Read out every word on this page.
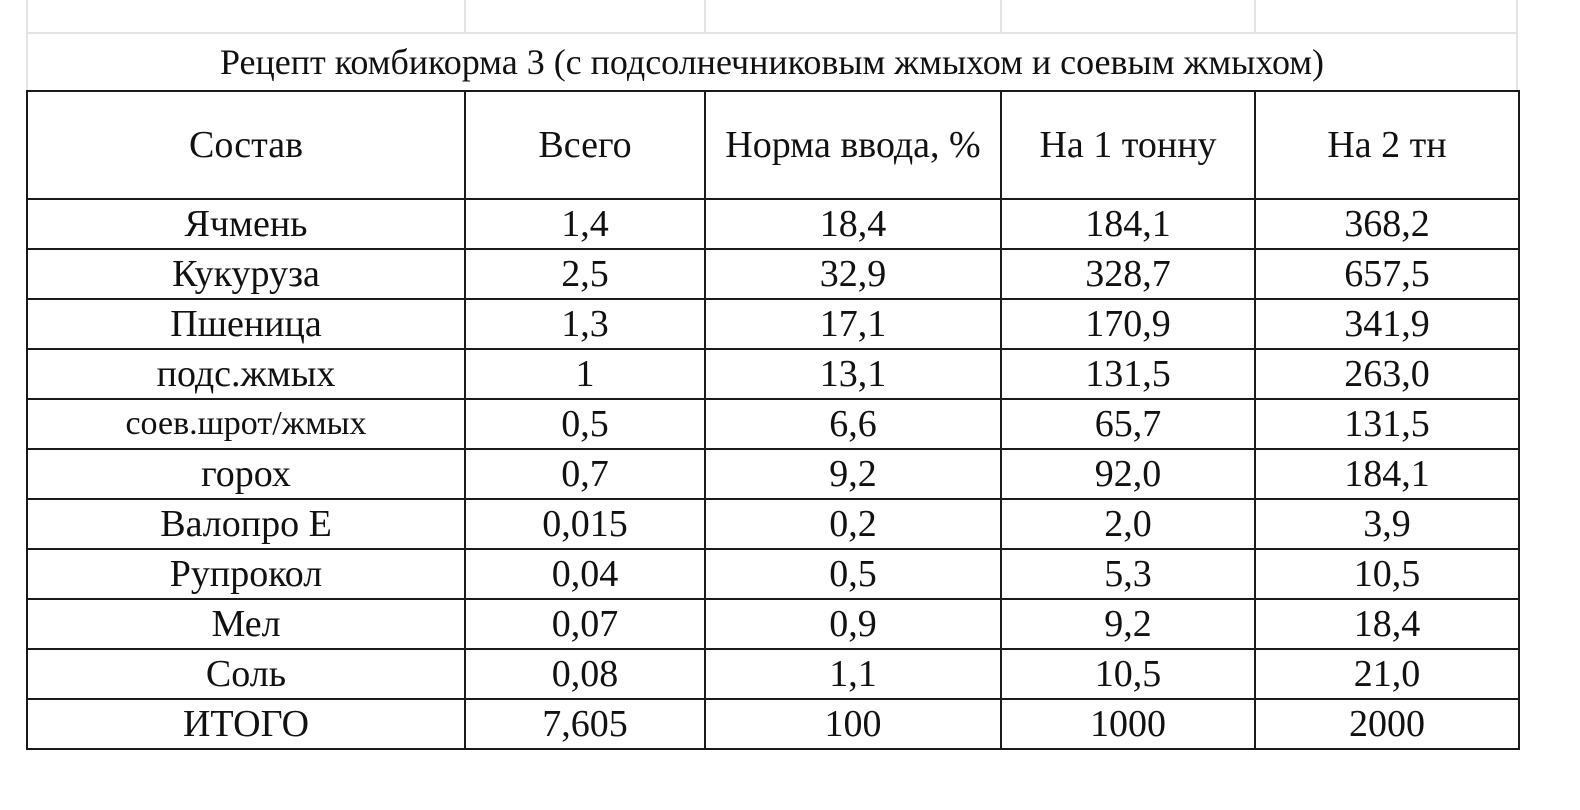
Рецепт комбикорма 3 (с подсолнечниковым жмыхом и соевым жмыхом)
Состав	Всего	Норма ввода, %	На 1 тонну	На 2 тн
Ячмень	1,4	18,4	184,1	368,2
Кукуруза	2,5	32,9	328,7	657,5
Пшеница	1,3	17,1	170,9	341,9
подс.жмых	1	13,1	131,5	263,0
соев.шрот/жмых	0,5	6,6	65,7	131,5
горох	0,7	9,2	92,0	184,1
Валопро Е	0,015	0,2	2,0	3,9
Рупрокол	0,04	0,5	5,3	10,5
Мел	0,07	0,9	9,2	18,4
Соль	0,08	1,1	10,5	21,0
ИТОГО	7,605	100	1000	2000
